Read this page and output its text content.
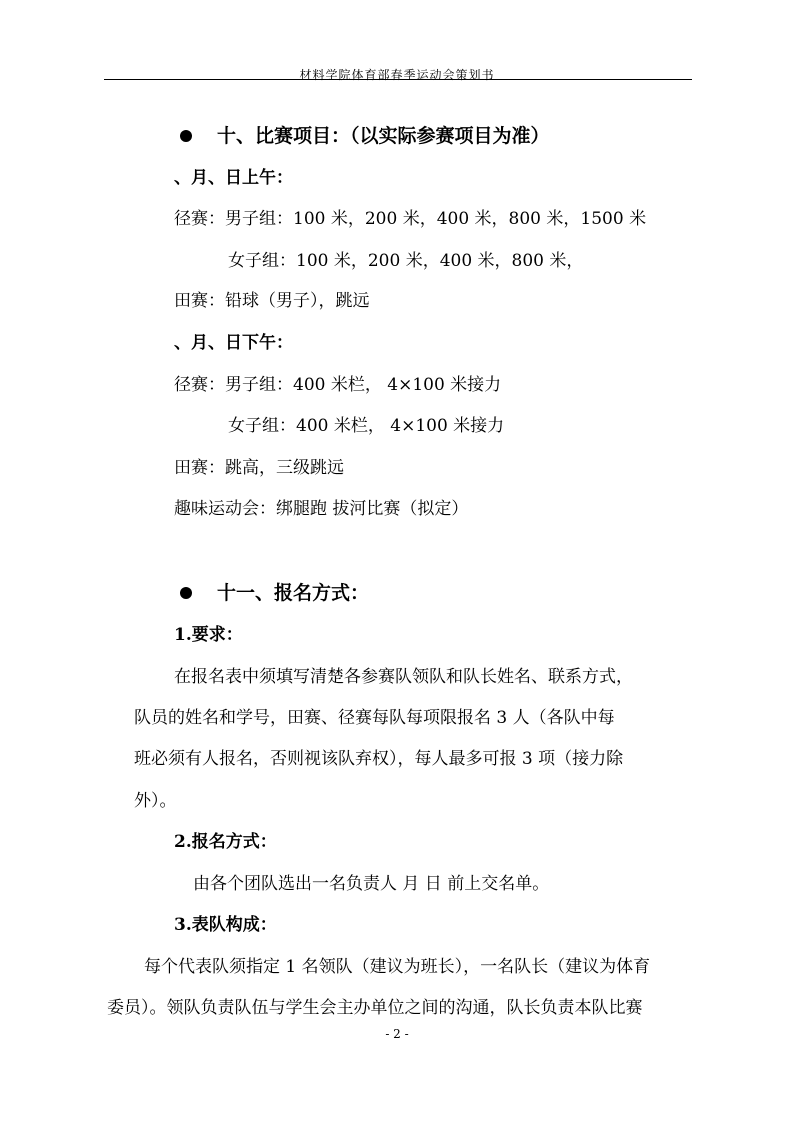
材料学院体育部春季运动会策划书
十、比赛项目：（以实际参赛项目为准）
、月、日上午：
径赛：男子组：100 米，200 米，400 米，800 米，1500 米
女子组：100 米，200 米，400 米，800 米，
田赛：铅球（男子），跳远
、月、日下午：
径赛：男子组：400 米栏， 4×100 米接力
女子组：400 米栏， 4×100 米接力
田赛：跳高，三级跳远
趣味运动会：绑腿跑 拔河比赛（拟定）
十一、报名方式：
1.要求：
在报名表中须填写清楚各参赛队领队和队长姓名、联系方式，
队员的姓名和学号，田赛、径赛每队每项限报名 3 人（各队中每
班必须有人报名，否则视该队弃权），每人最多可报 3 项（接力除
外）。
2.报名方式：
由各个团队选出一名负责人 月 日 前上交名单。
3.表队构成：
每个代表队须指定 1 名领队（建议为班长），一名队长（建议为体育
委员）。领队负责队伍与学生会主办单位之间的沟通，队长负责本队比赛
- 2 -
